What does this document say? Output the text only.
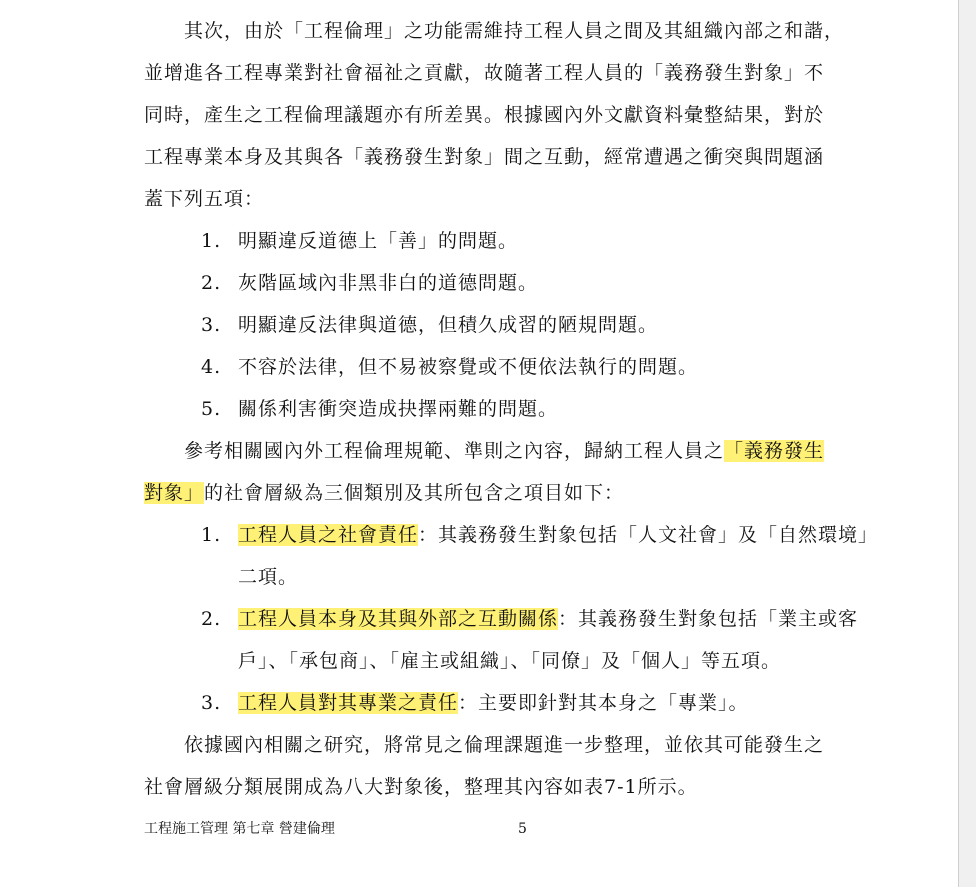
其次，由於「工程倫理」之功能需維持工程人員之間及其組織內部之和諧，
並增進各工程專業對社會福祉之貢獻，故隨著工程人員的「義務發生對象」不
同時，產生之工程倫理議題亦有所差異。根據國內外文獻資料彙整結果，對於
工程專業本身及其與各「義務發生對象」間之互動，經常遭遇之衝突與問題涵
蓋下列五項：
1. 明顯違反道德上「善」的問題。
2. 灰階區域內非黑非白的道德問題。
3. 明顯違反法律與道德，但積久成習的陋規問題。
4. 不容於法律，但不易被察覺或不便依法執行的問題。
5. 關係利害衝突造成抉擇兩難的問題。
參考相關國內外工程倫理規範、準則之內容，歸納工程人員之「義務發生
對象」的社會層級為三個類別及其所包含之項目如下：
1. 工程人員之社會責任：其義務發生對象包括「人文社會」及「自然環境」
二項。
2. 工程人員本身及其與外部之互動關係：其義務發生對象包括「業主或客
戶」、「承包商」、「雇主或組織」、「同僚」及「個人」等五項。
3. 工程人員對其專業之責任：主要即針對其本身之「專業」。
依據國內相關之研究，將常見之倫理課題進一步整理，並依其可能發生之
社會層級分類展開成為八大對象後，整理其內容如表7-1所示。
工程施工管理 第七章 營建倫理	5
